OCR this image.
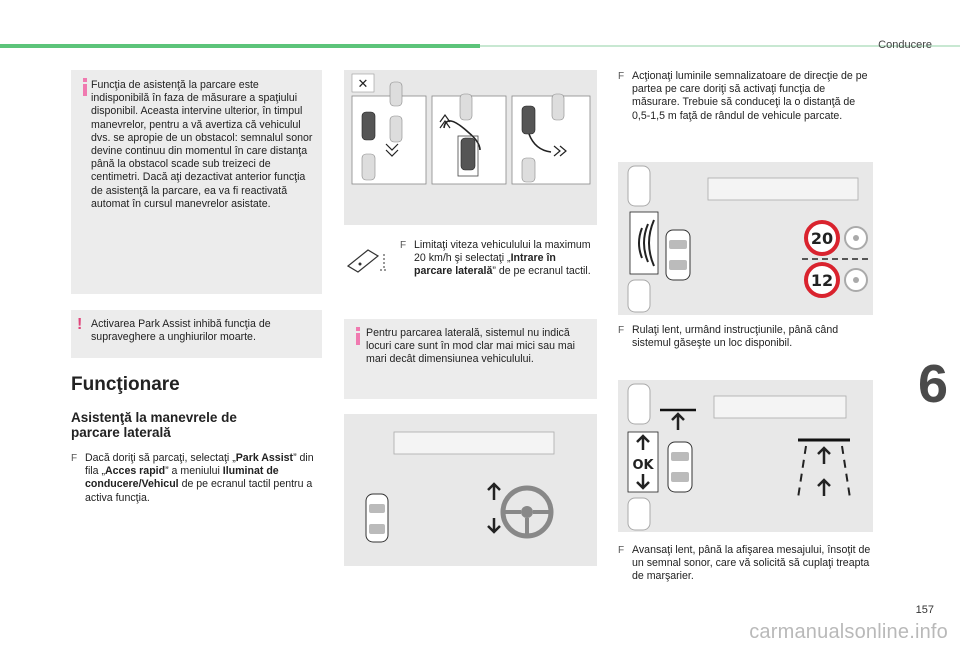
Conducere
6
157
carmanualsonline.info

Funcţia de asistenţă la parcare este indisponibilă în faza de măsurare a spaţiului disponibil. Aceasta intervine ulterior, în timpul manevrelor, pentru a vă avertiza că vehiculul dvs. se apropie de un obstacol: semnalul sonor devine continuu din momentul în care distanţa până la obstacol scade sub treizeci de centimetri. Dacă aţi dezactivat anterior funcţia de asistenţă la parcare, ea va fi reactivată automat în cursul manevrelor asistate.

! Activarea Park Assist inhibă funcţia de supraveghere a unghiurilor moarte.

Funcţionare
Asistenţă la manevrele de
parcare laterală
F Dacă doriţi să parcaţi, selectaţi „Park Assist” din fila „Acces rapid” a meniului Iluminat de conducere/Vehicul de pe ecranul tactil pentru a activa funcţia.
✕
F Limitaţi viteza vehiculului la maximum 20 km/h şi selectaţi „Intrare în parcare laterală” de pe ecranul tactil.

Pentru parcarea laterală, sistemul nu indică locuri care sunt în mod clar mai mici sau mai mari decât dimensiunea vehiculului.

F Acţionaţi luminile semnalizatoare de direcţie de pe partea pe care doriţi să activaţi funcţia de măsurare. Trebuie să conduceţi la o distanţă de 0,5-1,5 m faţă de rândul de vehicule parcate.
20
12
F Rulaţi lent, urmând instrucţiunile, până când sistemul găseşte un loc disponibil.
OK
F Avansaţi lent, până la afişarea mesajului, însoţit de un semnal sonor, care vă solicită să cuplaţi treapta de marşarier.
